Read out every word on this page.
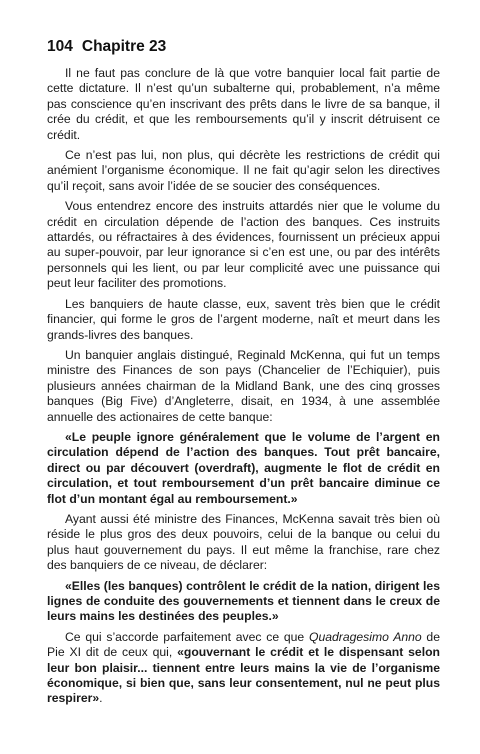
104 Chapitre 23

Il ne faut pas conclure de là que votre banquier local fait partie de cette dictature. Il n’est qu’un subalterne qui, probablement, n’a même pas conscience qu’en inscrivant des prêts dans le livre de sa banque, il crée du crédit, et que les remboursements qu’il y inscrit détruisent ce crédit.

Ce n’est pas lui, non plus, qui décrète les restrictions de crédit qui anémient l’organisme économique. Il ne fait qu’agir selon les directives qu’il reçoit, sans avoir l’idée de se soucier des conséquences.

Vous entendrez encore des instruits attardés nier que le volume du crédit en circulation dépende de l’action des banques. Ces instruits attardés, ou réfractaires à des évidences, fournissent un précieux appui au super-pouvoir, par leur ignorance si c’en est une, ou par des intérêts personnels qui les lient, ou par leur complicité avec une puissance qui peut leur faciliter des promotions.

Les banquiers de haute classe, eux, savent très bien que le crédit financier, qui forme le gros de l’argent moderne, naît et meurt dans les grands-livres des banques.

Un banquier anglais distingué, Reginald McKenna, qui fut un temps ministre des Finances de son pays (Chancelier de l’Echiquier), puis plusieurs années chairman de la Midland Bank, une des cinq grosses banques (Big Five) d’Angleterre, disait, en 1934, à une assemblée annuelle des actionaires de cette banque:

«Le peuple ignore généralement que le volume de l’argent en circulation dépend de l’action des banques. Tout prêt bancaire, direct ou par découvert (overdraft), augmente le flot de crédit en circulation, et tout remboursement d’un prêt bancaire diminue ce flot d’un montant égal au remboursement.»

Ayant aussi été ministre des Finances, McKenna savait très bien où réside le plus gros des deux pouvoirs, celui de la banque ou celui du plus haut gouvernement du pays. Il eut même la franchise, rare chez des banquiers de ce niveau, de déclarer:

«Elles (les banques) contrôlent le crédit de la nation, dirigent les lignes de conduite des gouvernements et tiennent dans le creux de leurs mains les destinées des peuples.»

Ce qui s’accorde parfaitement avec ce que Quadragesimo Anno de Pie XI dit de ceux qui, «gouvernant le crédit et le dispensant selon leur bon plaisir... tiennent entre leurs mains la vie de l’organisme économique, si bien que, sans leur consentement, nul ne peut plus respirer».
